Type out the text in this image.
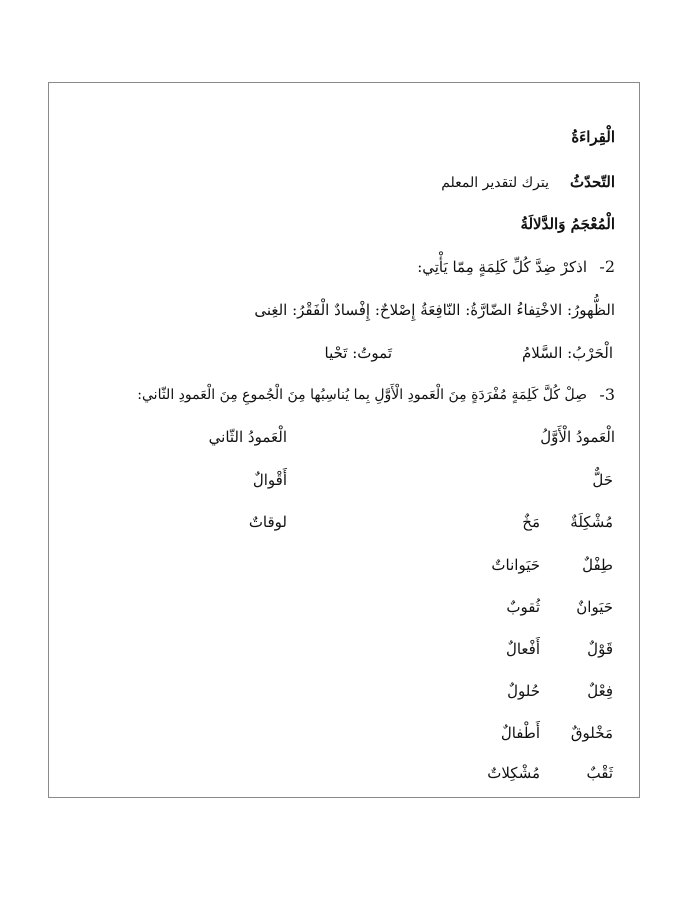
الْقِراءَةُ
التّحدّثُ
يترك لتقدير المعلم
الْمُعْجَمُ وَالدَّلالَةُ
2-
اذكرْ ضِدَّ كُلِّ كَلِمَةٍ مِمّا يَأْتِي:
الظُّهورُ: الاخْتِفاءُ الضّارَّةُ: النّافِعَةُ إِصْلاحٌ: إِفْسادٌ الْفَقْرُ: الغِنى
الْحَرْبُ: السَّلامُ
تَموتُ: تَحْيا
3-
صِلْ كُلَّ كَلِمَةٍ مُفْرَدَةٍ مِنَ الْعَمودِ الْأَوَّلِ بِما يُناسِبُها مِنَ الْجُموعِ مِنَ الْعَمودِ الثّاني:
الْعَمودُ الْأَوَّلُ
الْعَمودُ الثّاني
حَلٌّ
أَقْوالٌ
مُشْكِلَةٌ
مَخٌ
لوقاتٌ
طِفْلٌ
حَيَواناتٌ
حَيَوانٌ
ثُقوبٌ
قَوْلٌ
أَفْعالٌ
فِعْلٌ
حُلولٌ
مَخْلوقٌ
أَطْفالٌ
ثَقْبٌ
مُشْكِلاتٌ
